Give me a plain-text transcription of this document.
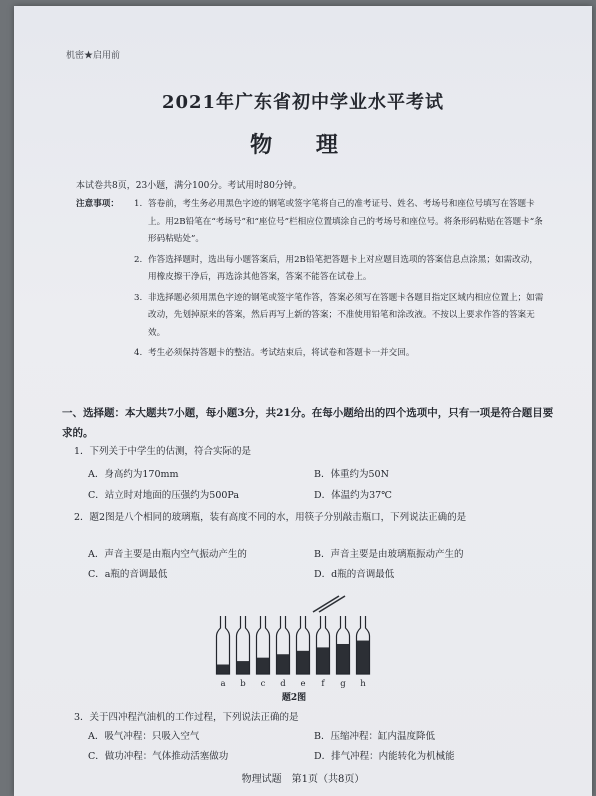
机密★启用前
2021年广东省初中学业水平考试
物 理
本试卷共8页，23小题，满分100分。考试用时80分钟。
注意事项：	1. 答卷前，考生务必用黑色字迹的钢笔或签字笔将自己的准考证号、姓名、考场号和座位号填写在答题卡上。用2B铅笔在“考场号”和“座位号”栏相应位置填涂自己的考场号和座位号。将条形码粘贴在答题卡“条形码粘贴处”。
2. 作答选择题时，选出每小题答案后，用2B铅笔把答题卡上对应题目选项的答案信息点涂黑；如需改动，用橡皮擦干净后，再选涂其他答案，答案不能答在试卷上。
3. 非选择题必须用黑色字迹的钢笔或签字笔作答，答案必须写在答题卡各题目指定区域内相应位置上；如需改动，先划掉原来的答案，然后再写上新的答案；不准使用铅笔和涂改液。不按以上要求作答的答案无效。
4. 考生必须保持答题卡的整洁。考试结束后，将试卷和答题卡一并交回。
一、选择题：本大题共7小题，每小题3分，共21分。在每小题给出的四个选项中，只有一项是符合题目要求的。
1．下列关于中学生的估测，符合实际的是
A．身高约为170mm	B．体重约为50N
C．站立时对地面的压强约为500Pa	D．体温约为37℃
2．题2图是八个相同的玻璃瓶，装有高度不同的水，用筷子分别敲击瓶口，下列说法正确的是
A．声音主要是由瓶内空气振动产生的	B．声音主要是由玻璃瓶振动产生的
C．a瓶的音调最低	D．d瓶的音调最低
a b c d e f g h
题2图
3．关于四冲程汽油机的工作过程，下列说法正确的是
A．吸气冲程：只吸入空气	B．压缩冲程：缸内温度降低
C．做功冲程：气体推动活塞做功	D．排气冲程：内能转化为机械能
物理试题　第1页（共8页）
